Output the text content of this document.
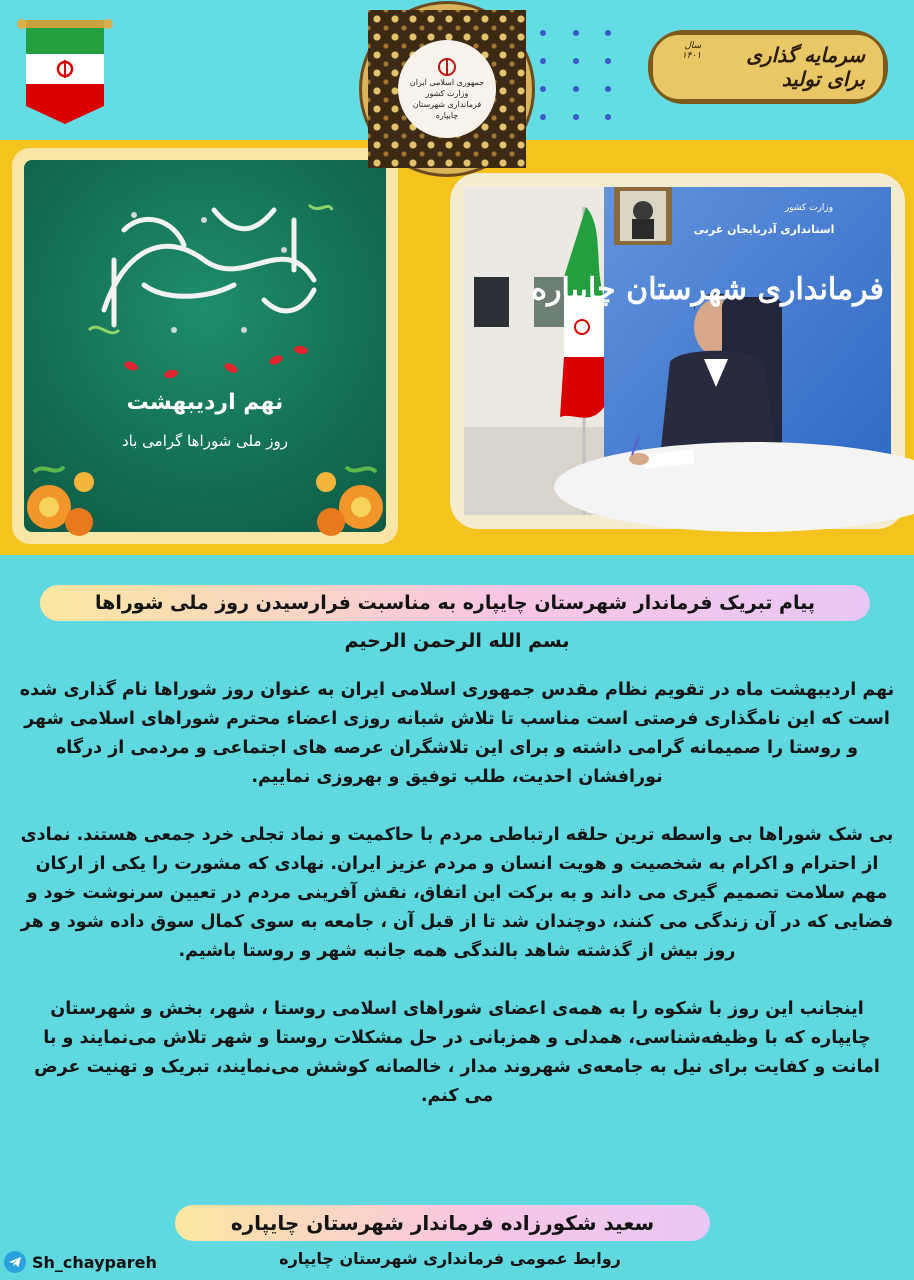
جمهوری اسلامی ایران
وزارت کشور
فرمانداری شهرستان چایپاره
سرمایه گذاری برای تولید
سال ۱۴۰۱
نهم اردیبهشت
روز ملی شوراها گرامی باد
فرمانداری شهرستان چایپاره
وزارت کشور
استانداری آذربایجان غربی
پیام تبریک فرماندار شهرستان چایپاره به مناسبت فرارسیدن روز ملی شوراها
بسم الله الرحمن الرحیم

نهم اردیبهشت ماه در تقویم نظام مقدس جمهوری اسلامی ایران به عنوان روز شوراها نام گذاری شده است که این نامگذاری فرصتی است مناسب تا تلاش شبانه روزی اعضاء محترم شوراهای اسلامی شهر و روستا را صمیمانه گرامی داشته و برای این تلاشگران عرصه های اجتماعی و مردمی از درگاه نورافشان احدیت، طلب توفیق و بهروزی نماییم.

بی شک شوراها بی واسطه ترین حلقه ارتباطی مردم با حاکمیت و نماد تجلی خرد جمعی هستند. نمادی از احترام و اکرام به شخصیت و هویت انسان و مردم عزیز ایران. نهادی که مشورت را یکی از ارکان مهم سلامت تصمیم گیری می داند و به برکت این اتفاق، نقش آفرینی مردم در تعیین سرنوشت خود و فضایی که در آن زندگی می کنند، دوچندان شد تا از قبل آن ، جامعه به سوی کمال سوق داده شود و هر روز بیش از گذشته شاهد بالندگی همه جانبه شهر و روستا باشیم.

اینجانب این روز با شکوه را به همه‌ی اعضای شوراهای اسلامی روستا ، شهر، بخش و شهرستان چایپاره که با وظیفه‌شناسی، همدلی و همزبانی در حل مشکلات روستا و شهر تلاش می‌نمایند و با امانت و کفایت برای نیل به جامعه‌ی شهروند مدار ، خالصانه کوشش می‌نمایند، تبریک و تهنیت عرض می کنم.

سعید شکورزاده فرماندار شهرستان چایپاره
روابط عمومی فرمانداری شهرستان چایپاره
Sh_chaypareh
